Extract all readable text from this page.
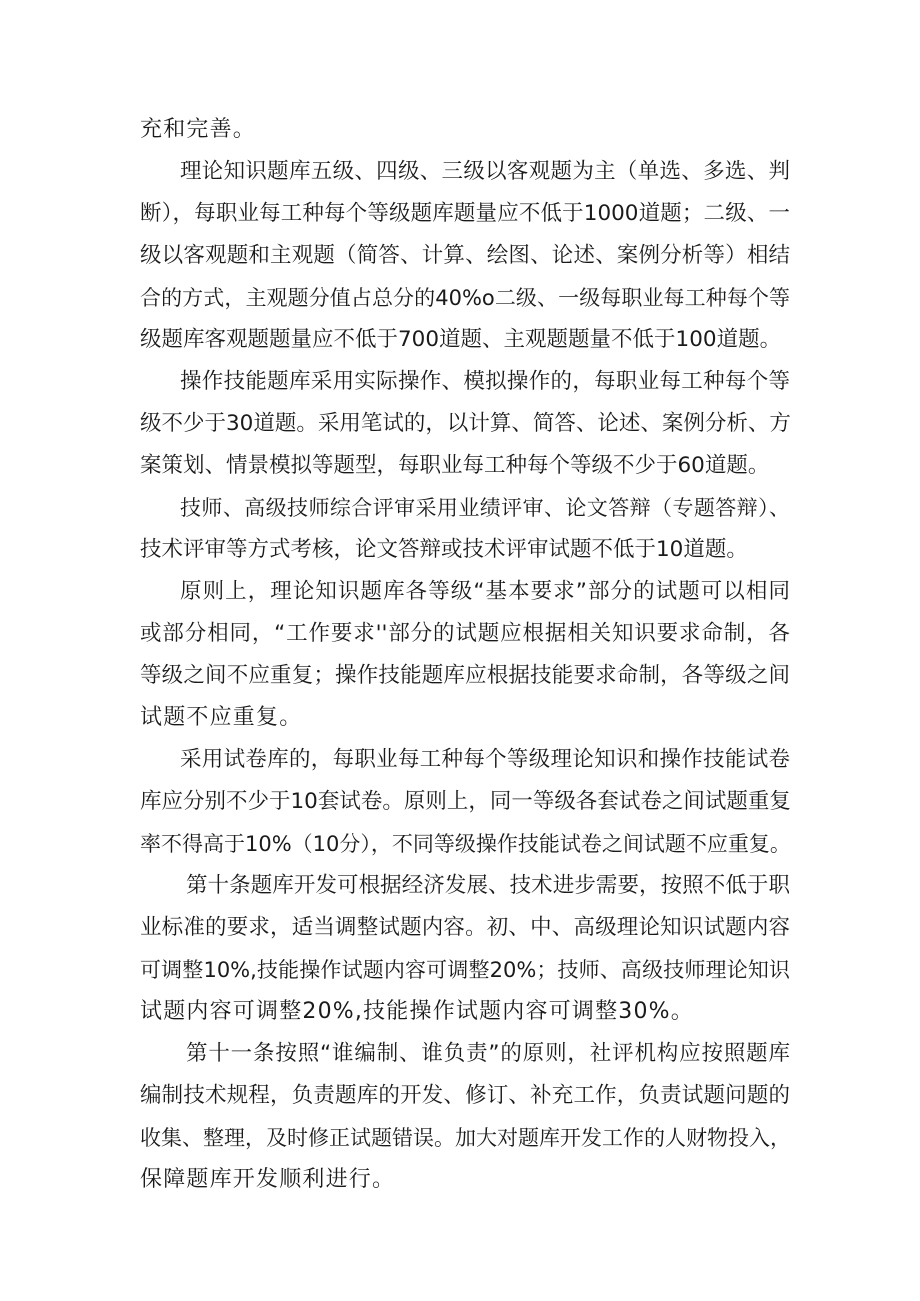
充和完善。
理论知识题库五级、四级、三级以客观题为主（单选、多选、判
断），每职业每工种每个等级题库题量应不低于1000道题；二级、一
级以客观题和主观题（简答、计算、绘图、论述、案例分析等）相结
合的方式，主观题分值占总分的40%o二级、一级每职业每工种每个等
级题库客观题题量应不低于700道题、主观题题量不低于100道题。
操作技能题库采用实际操作、模拟操作的，每职业每工种每个等
级不少于30道题。采用笔试的，以计算、简答、论述、案例分析、方
案策划、情景模拟等题型，每职业每工种每个等级不少于60道题。
技师、高级技师综合评审采用业绩评审、论文答辩（专题答辩）、
技术评审等方式考核，论文答辩或技术评审试题不低于10道题。
原则上，理论知识题库各等级“基本要求”部分的试题可以相同
或部分相同，“工作要求''部分的试题应根据相关知识要求命制，各
等级之间不应重复；操作技能题库应根据技能要求命制，各等级之间
试题不应重复。
采用试卷库的，每职业每工种每个等级理论知识和操作技能试卷
库应分别不少于10套试卷。原则上，同一等级各套试卷之间试题重复
率不得高于10%（10分），不同等级操作技能试卷之间试题不应重复。
第十条题库开发可根据经济发展、技术进步需要，按照不低于职
业标准的要求，适当调整试题内容。初、中、高级理论知识试题内容
可调整10%,技能操作试题内容可调整20%；技师、高级技师理论知识
试题内容可调整20%,技能操作试题内容可调整30%。
第十一条按照“谁编制、谁负责”的原则，社评机构应按照题库
编制技术规程，负责题库的开发、修订、补充工作，负责试题问题的
收集、整理，及时修正试题错误。加大对题库开发工作的人财物投入，
保障题库开发顺利进行。
